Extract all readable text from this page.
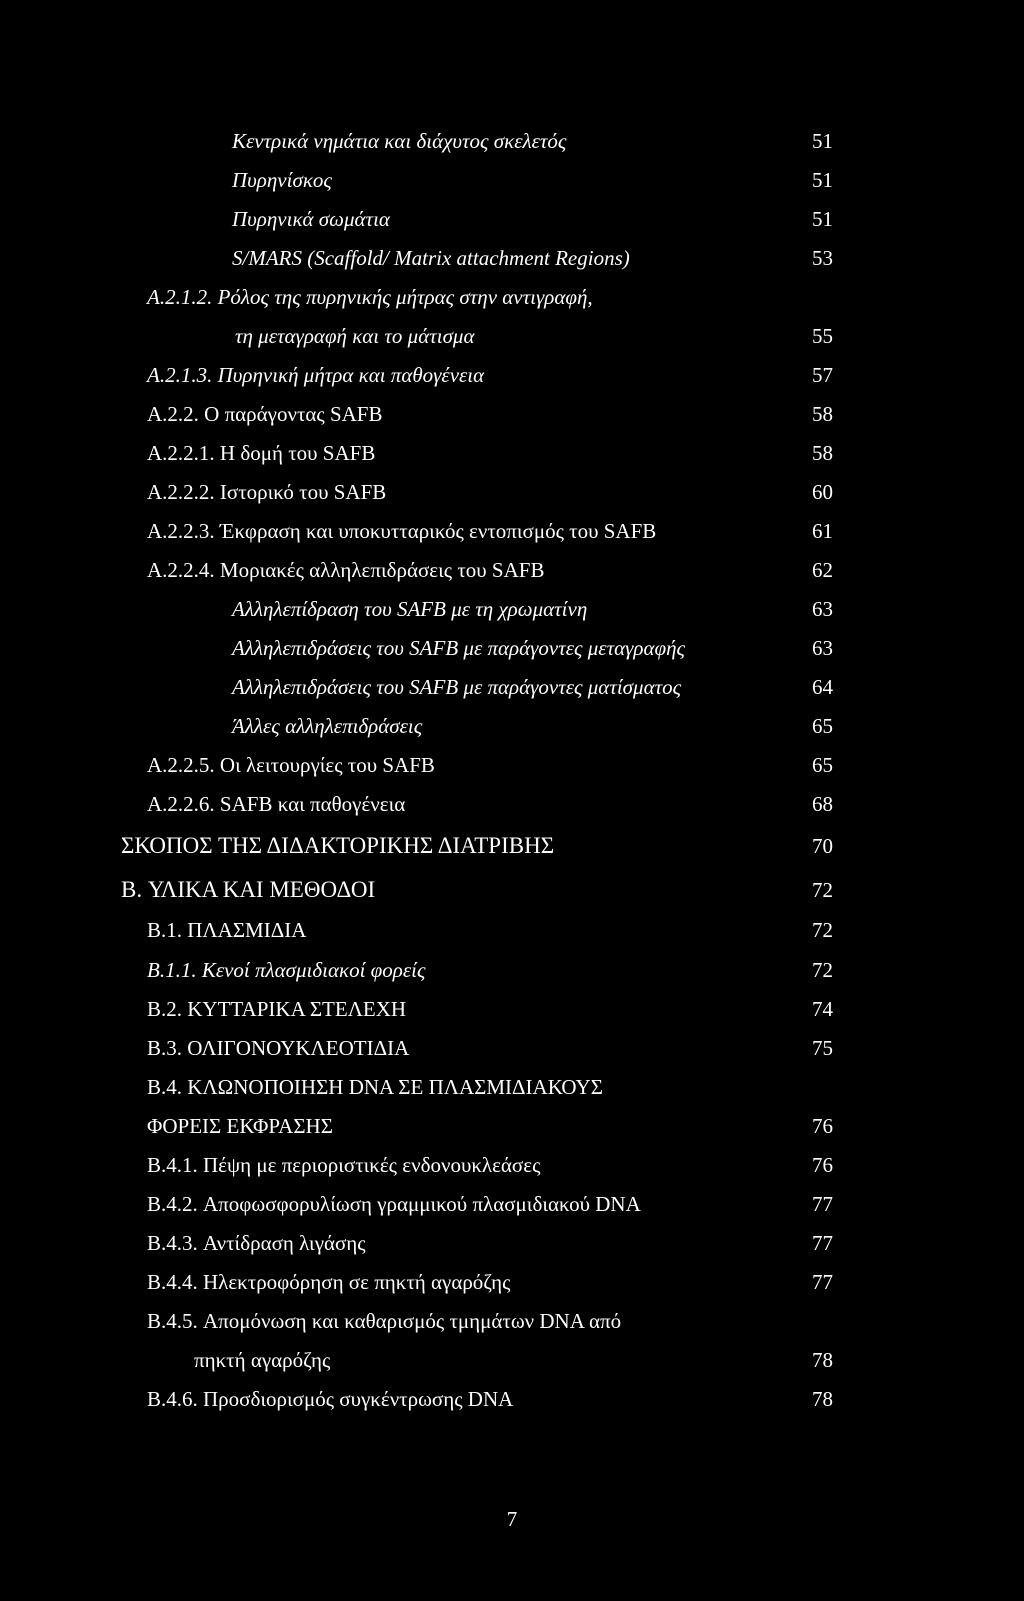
Κεντρικά νημάτια και διάχυτος σκελετός	51
Πυρηνίσκος	51
Πυρηνικά σωμάτια	51
S/MARS (Scaffold/ Matrix attachment Regions)	53
A.2.1.2. Ρόλος της πυρηνικής μήτρας στην αντιγραφή,
τη μεταγραφή και το μάτισμα	55
A.2.1.3. Πυρηνική μήτρα και παθογένεια	57
A.2.2. Ο παράγοντας SAFB	58
A.2.2.1. Η δομή του SAFB	58
A.2.2.2. Ιστορικό του SAFB	60
A.2.2.3. Έκφραση και υποκυτταρικός εντοπισμός του SAFB	61
A.2.2.4. Μοριακές αλληλεπιδράσεις του SAFB	62
Αλληλεπίδραση του SAFB με τη χρωματίνη	63
Αλληλεπιδράσεις του SAFB με παράγοντες μεταγραφής	63
Αλληλεπιδράσεις του SAFB με παράγοντες ματίσματος	64
Άλλες αλληλεπιδράσεις	65
A.2.2.5. Οι λειτουργίες του SAFB	65
A.2.2.6. SAFB και παθογένεια	68
ΣΚΟΠΟΣ ΤΗΣ ΔΙΔΑΚΤΟΡΙΚΗΣ ΔΙΑΤΡΙΒΗΣ	70
B. ΥΛΙΚΑ ΚΑΙ ΜΕΘΟΔΟΙ	72
B.1. ΠΛΑΣΜΙΔΙΑ	72
B.1.1. Κενοί πλασμιδιακοί φορείς	72
B.2. ΚΥΤΤΑΡΙΚΑ ΣΤΕΛΕΧΗ	74
B.3. ΟΛΙΓΟΝΟΥΚΛΕΟΤΙΔΙΑ	75
B.4. ΚΛΩΝΟΠΟΙΗΣΗ DNA ΣΕ ΠΛΑΣΜΙΔΙΑΚΟΥΣ
ΦΟΡΕΙΣ ΕΚΦΡΑΣΗΣ	76
B.4.1. Πέψη με περιοριστικές ενδονουκλεάσες	76
B.4.2. Αποφωσφορυλίωση γραμμικού πλασμιδιακού DNA	77
B.4.3. Αντίδραση λιγάσης	77
B.4.4. Ηλεκτροφόρηση σε πηκτή αγαρόζης	77
B.4.5. Απομόνωση και καθαρισμός τμημάτων DNA από
πηκτή αγαρόζης	78
B.4.6. Προσδιορισμός συγκέντρωσης DNA	78
7
